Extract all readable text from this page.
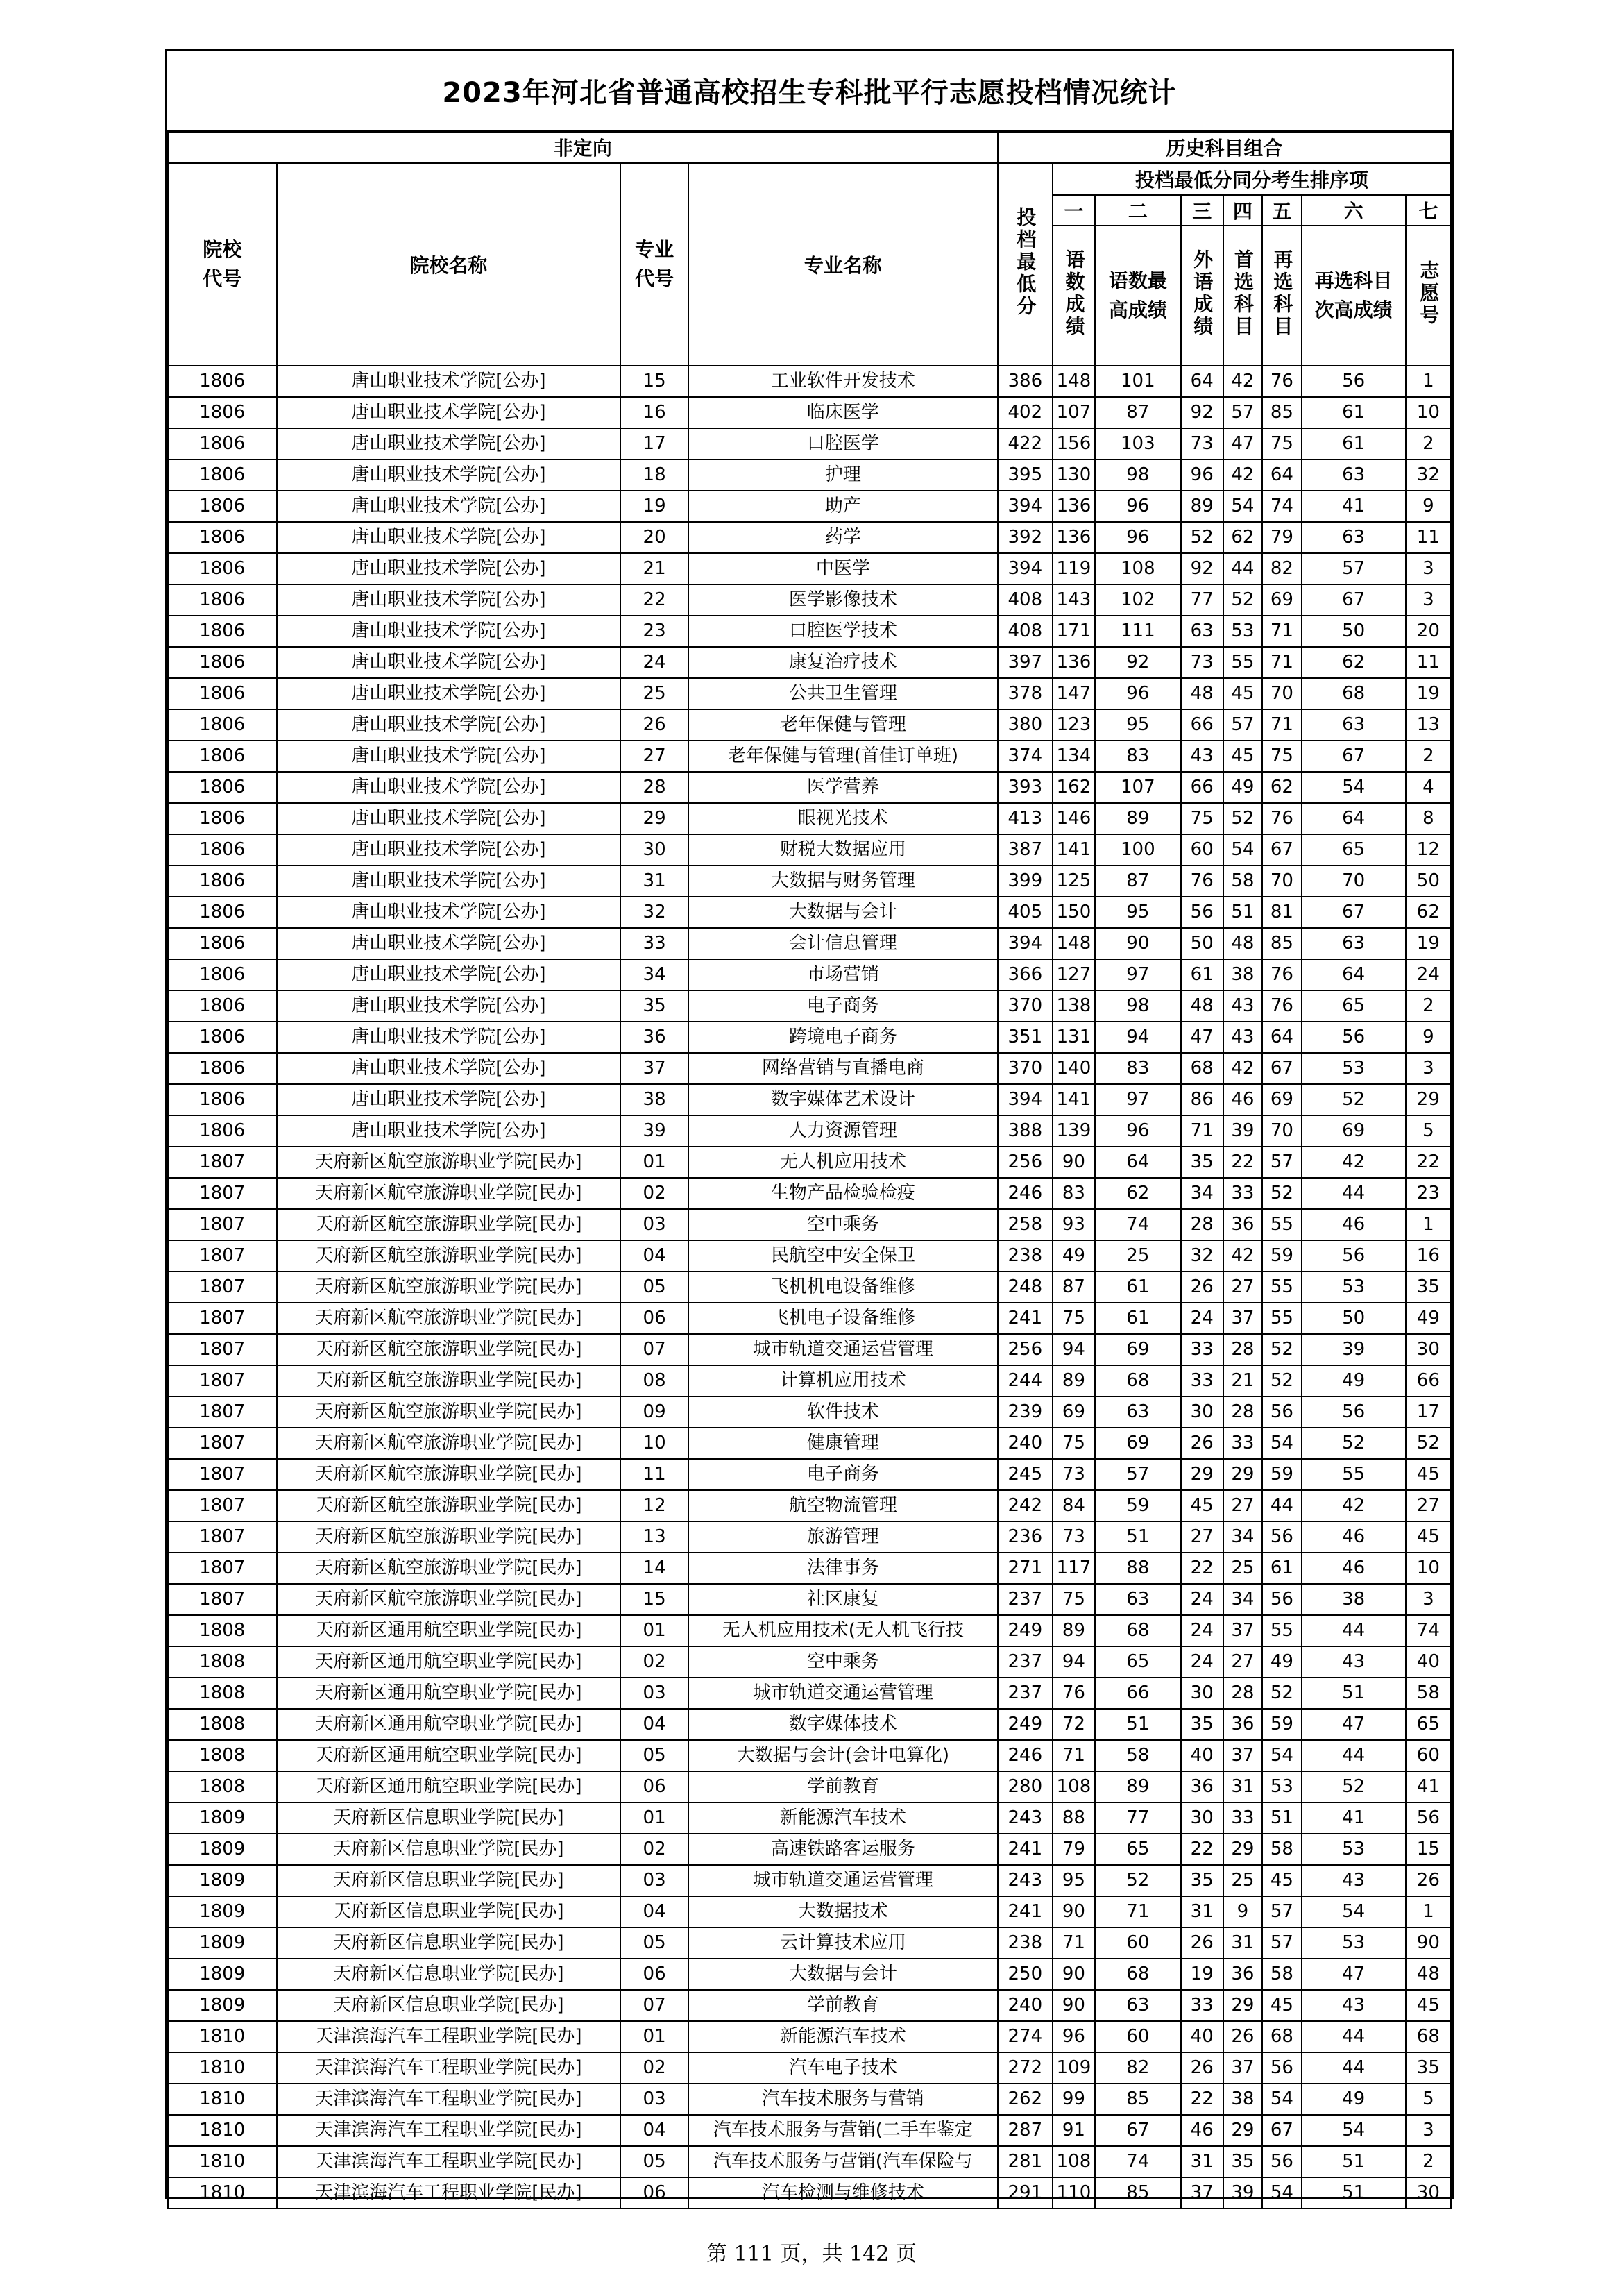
2023年河北省普通高校招生专科批平行志愿投档情况统计
非定向				历史科目组合							
院校代号	院校名称	专业代号	专业名称	投档最低分	投档最低分同分考生排序项						
					一	二	三	四	五	六	七
					语数成绩	语数最高成绩	外语成绩	首选科目	再选科目	再选科目次高成绩	志愿号
1806	唐山职业技术学院[公办]	15	工业软件开发技术	386	148	101	64	42	76	56	1
1806	唐山职业技术学院[公办]	16	临床医学	402	107	87	92	57	85	61	10
1806	唐山职业技术学院[公办]	17	口腔医学	422	156	103	73	47	75	61	2
1806	唐山职业技术学院[公办]	18	护理	395	130	98	96	42	64	63	32
1806	唐山职业技术学院[公办]	19	助产	394	136	96	89	54	74	41	9
1806	唐山职业技术学院[公办]	20	药学	392	136	96	52	62	79	63	11
1806	唐山职业技术学院[公办]	21	中医学	394	119	108	92	44	82	57	3
1806	唐山职业技术学院[公办]	22	医学影像技术	408	143	102	77	52	69	67	3
1806	唐山职业技术学院[公办]	23	口腔医学技术	408	171	111	63	53	71	50	20
1806	唐山职业技术学院[公办]	24	康复治疗技术	397	136	92	73	55	71	62	11
1806	唐山职业技术学院[公办]	25	公共卫生管理	378	147	96	48	45	70	68	19
1806	唐山职业技术学院[公办]	26	老年保健与管理	380	123	95	66	57	71	63	13
1806	唐山职业技术学院[公办]	27	老年保健与管理(首佳订单班)	374	134	83	43	45	75	67	2
1806	唐山职业技术学院[公办]	28	医学营养	393	162	107	66	49	62	54	4
1806	唐山职业技术学院[公办]	29	眼视光技术	413	146	89	75	52	76	64	8
1806	唐山职业技术学院[公办]	30	财税大数据应用	387	141	100	60	54	67	65	12
1806	唐山职业技术学院[公办]	31	大数据与财务管理	399	125	87	76	58	70	70	50
1806	唐山职业技术学院[公办]	32	大数据与会计	405	150	95	56	51	81	67	62
1806	唐山职业技术学院[公办]	33	会计信息管理	394	148	90	50	48	85	63	19
1806	唐山职业技术学院[公办]	34	市场营销	366	127	97	61	38	76	64	24
1806	唐山职业技术学院[公办]	35	电子商务	370	138	98	48	43	76	65	2
1806	唐山职业技术学院[公办]	36	跨境电子商务	351	131	94	47	43	64	56	9
1806	唐山职业技术学院[公办]	37	网络营销与直播电商	370	140	83	68	42	67	53	3
1806	唐山职业技术学院[公办]	38	数字媒体艺术设计	394	141	97	86	46	69	52	29
1806	唐山职业技术学院[公办]	39	人力资源管理	388	139	96	71	39	70	69	5
1807	天府新区航空旅游职业学院[民办]	01	无人机应用技术	256	90	64	35	22	57	42	22
1807	天府新区航空旅游职业学院[民办]	02	生物产品检验检疫	246	83	62	34	33	52	44	23
1807	天府新区航空旅游职业学院[民办]	03	空中乘务	258	93	74	28	36	55	46	1
1807	天府新区航空旅游职业学院[民办]	04	民航空中安全保卫	238	49	25	32	42	59	56	16
1807	天府新区航空旅游职业学院[民办]	05	飞机机电设备维修	248	87	61	26	27	55	53	35
1807	天府新区航空旅游职业学院[民办]	06	飞机电子设备维修	241	75	61	24	37	55	50	49
1807	天府新区航空旅游职业学院[民办]	07	城市轨道交通运营管理	256	94	69	33	28	52	39	30
1807	天府新区航空旅游职业学院[民办]	08	计算机应用技术	244	89	68	33	21	52	49	66
1807	天府新区航空旅游职业学院[民办]	09	软件技术	239	69	63	30	28	56	56	17
1807	天府新区航空旅游职业学院[民办]	10	健康管理	240	75	69	26	33	54	52	52
1807	天府新区航空旅游职业学院[民办]	11	电子商务	245	73	57	29	29	59	55	45
1807	天府新区航空旅游职业学院[民办]	12	航空物流管理	242	84	59	45	27	44	42	27
1807	天府新区航空旅游职业学院[民办]	13	旅游管理	236	73	51	27	34	56	46	45
1807	天府新区航空旅游职业学院[民办]	14	法律事务	271	117	88	22	25	61	46	10
1807	天府新区航空旅游职业学院[民办]	15	社区康复	237	75	63	24	34	56	38	3
1808	天府新区通用航空职业学院[民办]	01	无人机应用技术(无人机飞行技	249	89	68	24	37	55	44	74
1808	天府新区通用航空职业学院[民办]	02	空中乘务	237	94	65	24	27	49	43	40
1808	天府新区通用航空职业学院[民办]	03	城市轨道交通运营管理	237	76	66	30	28	52	51	58
1808	天府新区通用航空职业学院[民办]	04	数字媒体技术	249	72	51	35	36	59	47	65
1808	天府新区通用航空职业学院[民办]	05	大数据与会计(会计电算化)	246	71	58	40	37	54	44	60
1808	天府新区通用航空职业学院[民办]	06	学前教育	280	108	89	36	31	53	52	41
1809	天府新区信息职业学院[民办]	01	新能源汽车技术	243	88	77	30	33	51	41	56
1809	天府新区信息职业学院[民办]	02	高速铁路客运服务	241	79	65	22	29	58	53	15
1809	天府新区信息职业学院[民办]	03	城市轨道交通运营管理	243	95	52	35	25	45	43	26
1809	天府新区信息职业学院[民办]	04	大数据技术	241	90	71	31	9	57	54	1
1809	天府新区信息职业学院[民办]	05	云计算技术应用	238	71	60	26	31	57	53	90
1809	天府新区信息职业学院[民办]	06	大数据与会计	250	90	68	19	36	58	47	48
1809	天府新区信息职业学院[民办]	07	学前教育	240	90	63	33	29	45	43	45
1810	天津滨海汽车工程职业学院[民办]	01	新能源汽车技术	274	96	60	40	26	68	44	68
1810	天津滨海汽车工程职业学院[民办]	02	汽车电子技术	272	109	82	26	37	56	44	35
1810	天津滨海汽车工程职业学院[民办]	03	汽车技术服务与营销	262	99	85	22	38	54	49	5
1810	天津滨海汽车工程职业学院[民办]	04	汽车技术服务与营销(二手车鉴定	287	91	67	46	29	67	54	3
1810	天津滨海汽车工程职业学院[民办]	05	汽车技术服务与营销(汽车保险与	281	108	74	31	35	56	51	2
1810	天津滨海汽车工程职业学院[民办]	06	汽车检测与维修技术	291	110	85	37	39	54	51	30
第 111 页，共 142 页
